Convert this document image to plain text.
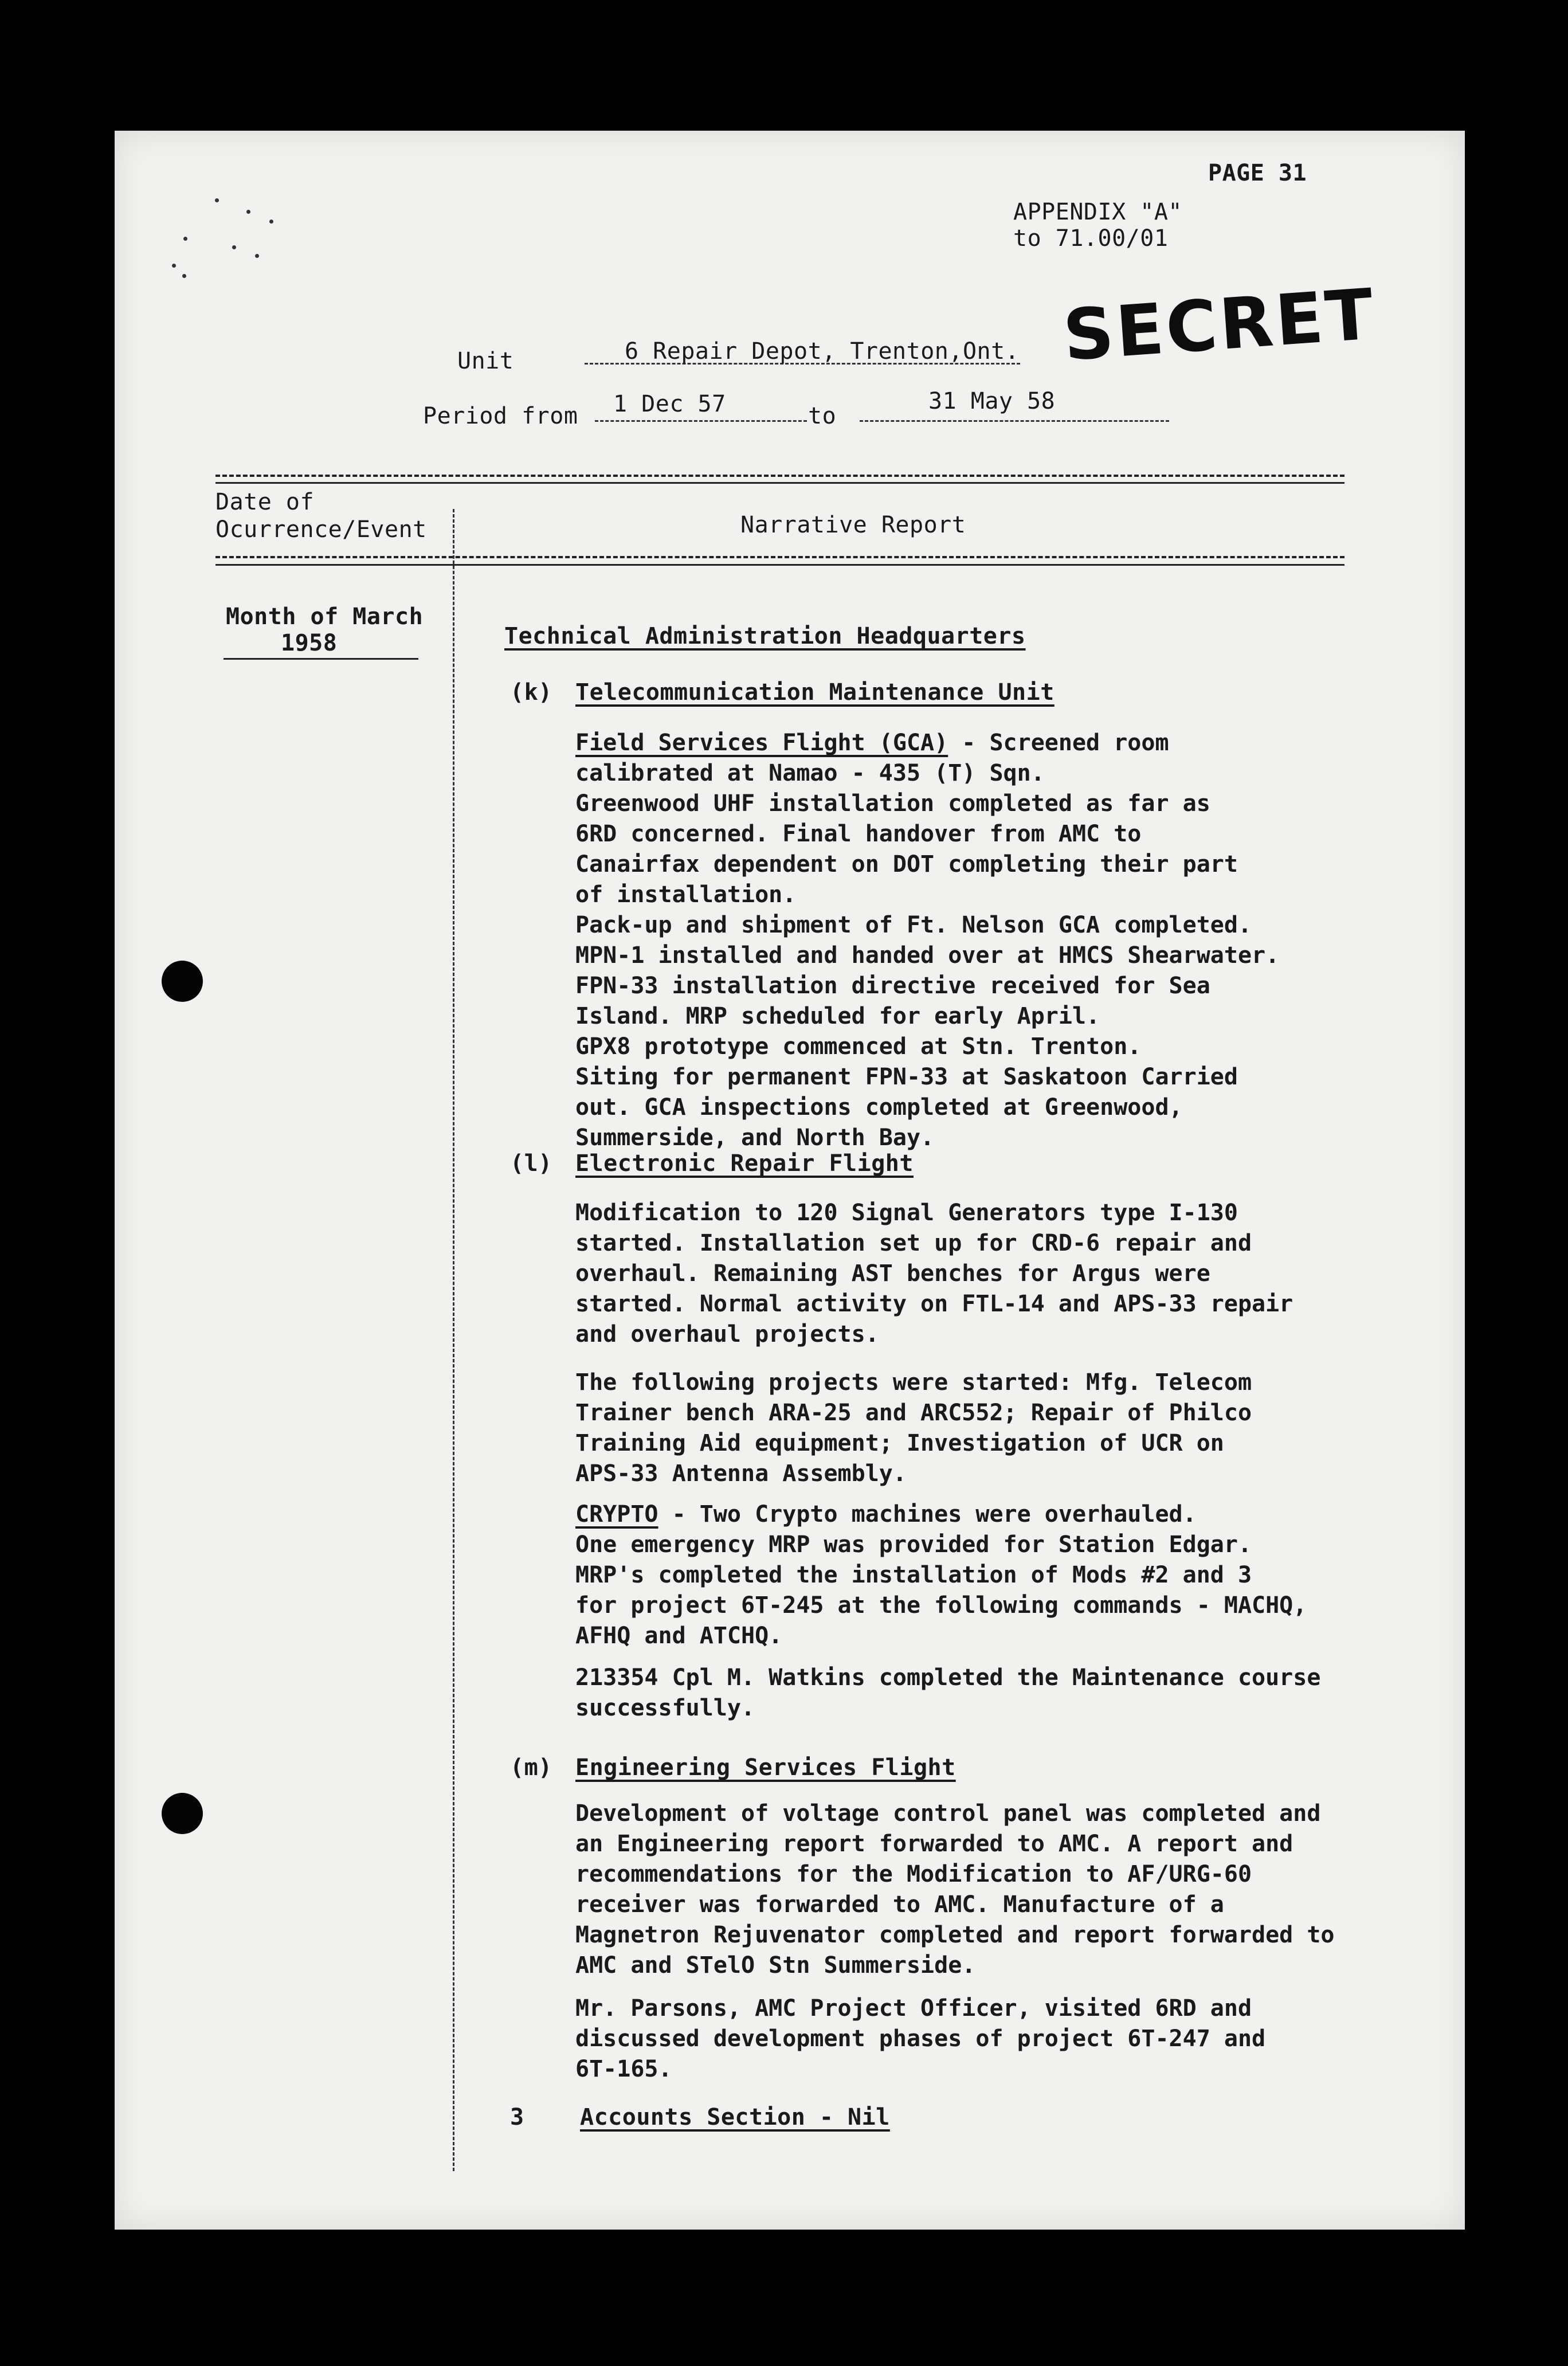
PAGE 31
APPENDIX "A"
to 71.00/01
SECRET
Unit	6 Repair Depot, Trenton,Ont.
Period from 1 Dec 57	to
31 May 58
Date of
Ocurrence/Event	Narrative Report
Month of March
1958	Technical Administration Headquarters
(k) Telecommunication Maintenance Unit
Field Services Flight (GCA) - Screened room
calibrated at Namao - 435 (T) Sqn.
Greenwood UHF installation completed as far as
6RD concerned. Final handover from AMC to
Canairfax dependent on DOT completing their part
of installation.
Pack-up and shipment of Ft. Nelson GCA completed.
MPN-1 installed and handed over at HMCS Shearwater.
FPN-33 installation directive received for Sea
Island. MRP scheduled for early April.
GPX8 prototype commenced at Stn. Trenton.
Siting for permanent FPN-33 at Saskatoon Carried
out. GCA inspections completed at Greenwood,
Summerside, and North Bay.
(l) Electronic Repair Flight
Modification to 120 Signal Generators type I-130
started. Installation set up for CRD-6 repair and
overhaul. Remaining AST benches for Argus were
started. Normal activity on FTL-14 and APS-33 repair
and overhaul projects.
The following projects were started: Mfg. Telecom
Trainer bench ARA-25 and ARC552; Repair of Philco
Training Aid equipment; Investigation of UCR on
APS-33 Antenna Assembly.
CRYPTO - Two Crypto machines were overhauled.
One emergency MRP was provided for Station Edgar.
MRP's completed the installation of Mods #2 and 3
for project 6T-245 at the following commands - MACHQ,
AFHQ and ATCHQ.
213354 Cpl M. Watkins completed the Maintenance course
successfully.
(m) Engineering Services Flight
Development of voltage control panel was completed and
an Engineering report forwarded to AMC. A report and
recommendations for the Modification to AF/URG-60
receiver was forwarded to AMC. Manufacture of a
Magnetron Rejuvenator completed and report forwarded to
AMC and STelO Stn Summerside.
Mr. Parsons, AMC Project Officer, visited 6RD and
discussed development phases of project 6T-247 and
6T-165.
3 Accounts Section - Nil
